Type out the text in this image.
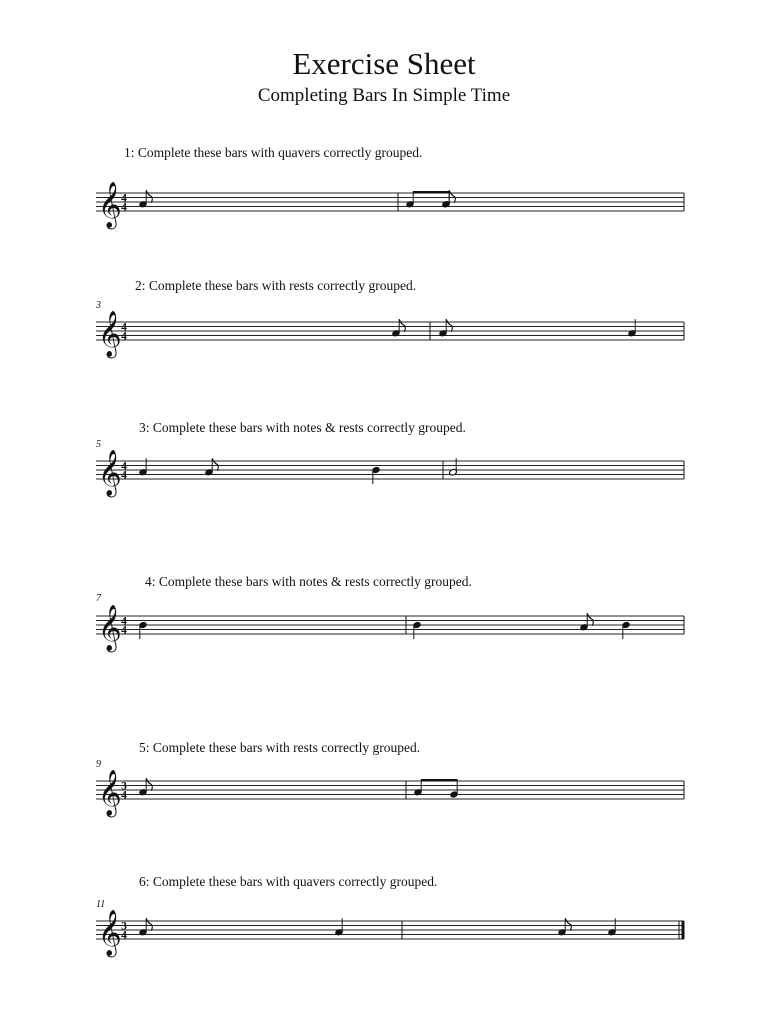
Exercise Sheet
Completing Bars In Simple Time
1: Complete these bars with quavers correctly grouped.
𝄞 4
4
2: Complete these bars with rests correctly grouped.
3
𝄞 4
4
3: Complete these bars with notes & rests correctly grouped.
5
𝄞 4
4
4: Complete these bars with notes & rests correctly grouped.
7
𝄞 4
4
5: Complete these bars with rests correctly grouped.
9
𝄞 3
4
6: Complete these bars with quavers correctly grouped.
11
𝄞 3
4
